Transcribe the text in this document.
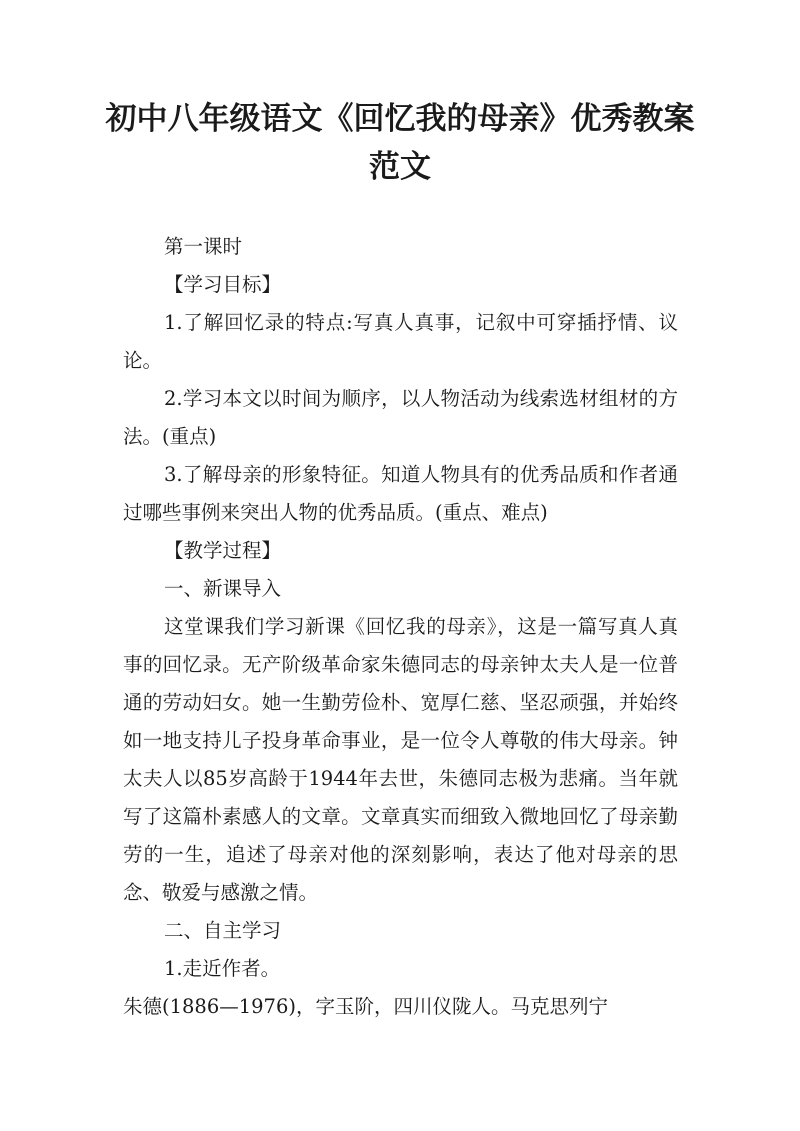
初中八年级语文《回忆我的母亲》优秀教案
范文

第一课时

【学习目标】

1.了解回忆录的特点:写真人真事，记叙中可穿插抒情、议论。

2.学习本文以时间为顺序，以人物活动为线索选材组材的方法。(重点)

3.了解母亲的形象特征。知道人物具有的优秀品质和作者通过哪些事例来突出人物的优秀品质。(重点、难点)

【教学过程】

一、新课导入

这堂课我们学习新课《回忆我的母亲》，这是一篇写真人真事的回忆录。无产阶级革命家朱德同志的母亲钟太夫人是一位普通的劳动妇女。她一生勤劳俭朴、宽厚仁慈、坚忍顽强，并始终如一地支持儿子投身革命事业，是一位令人尊敬的伟大母亲。钟太夫人以85岁高龄于1944年去世，朱德同志极为悲痛。当年就写了这篇朴素感人的文章。文章真实而细致入微地回忆了母亲勤劳的一生，追述了母亲对他的深刻影响，表达了他对母亲的思念、敬爱与感激之情。

二、自主学习

1.走近作者。

朱德(1886—1976)，字玉阶，四川仪陇人。马克思列宁
